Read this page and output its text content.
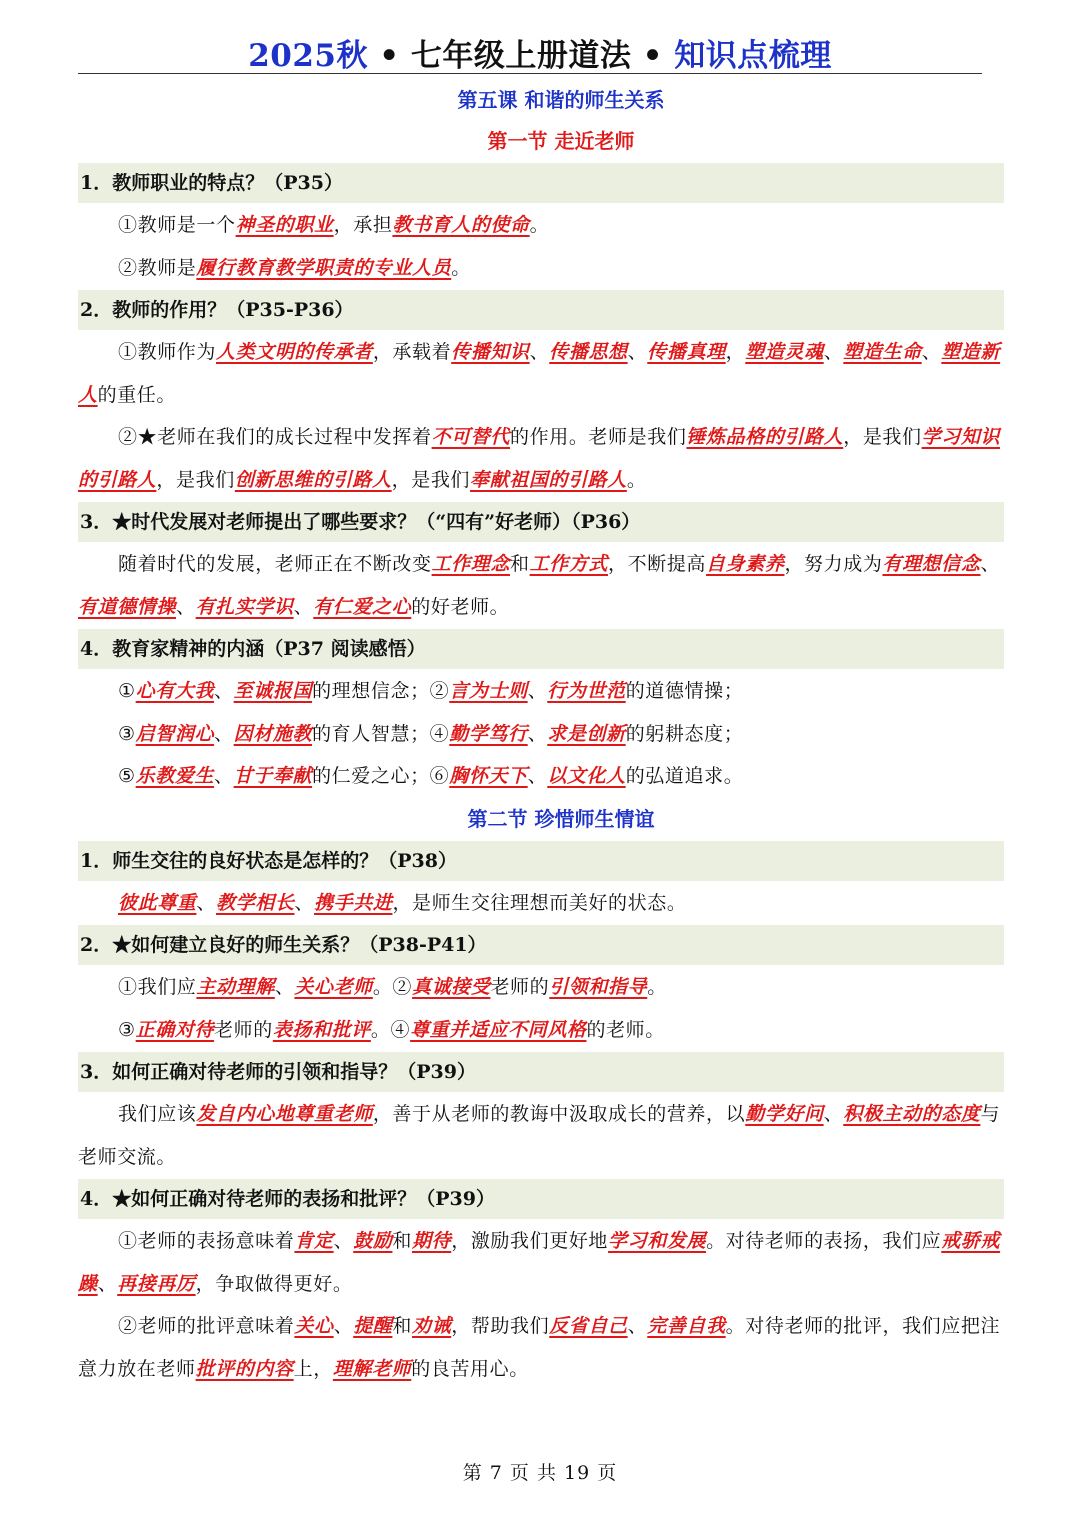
2025秋 • 七年级上册道法 • 知识点梳理
第五课 和谐的师生关系
第一节 走近老师
1．教师职业的特点？（P35）

①教师是一个神圣的职业，承担教书育人的使命。

②教师是履行教育教学职责的专业人员。

2．教师的作用？（P35-P36）

①教师作为人类文明的传承者，承载着传播知识、传播思想、传播真理，塑造灵魂、塑造生命、塑造新人的重任。

②★老师在我们的成长过程中发挥着不可替代的作用。老师是我们锤炼品格的引路人，是我们学习知识的引路人，是我们创新思维的引路人，是我们奉献祖国的引路人。

3．★时代发展对老师提出了哪些要求？（“四有”好老师）（P36）

随着时代的发展，老师正在不断改变工作理念和工作方式，不断提高自身素养，努力成为有理想信念、有道德情操、有扎实学识、有仁爱之心的好老师。

4．教育家精神的内涵（P37 阅读感悟）

①心有大我、至诚报国的理想信念；②言为士则、行为世范的道德情操；

③启智润心、因材施教的育人智慧；④勤学笃行、求是创新的躬耕态度；

⑤乐教爱生、甘于奉献的仁爱之心；⑥胸怀天下、以文化人的弘道追求。

第二节 珍惜师生情谊
1．师生交往的良好状态是怎样的？（P38）

彼此尊重、教学相长、携手共进，是师生交往理想而美好的状态。

2．★如何建立良好的师生关系？（P38-P41）

①我们应主动理解、关心老师。②真诚接受老师的引领和指导。

③正确对待老师的表扬和批评。④尊重并适应不同风格的老师。

3．如何正确对待老师的引领和指导？（P39）

我们应该发自内心地尊重老师，善于从老师的教诲中汲取成长的营养，以勤学好问、积极主动的态度与老师交流。

4．★如何正确对待老师的表扬和批评？（P39）

①老师的表扬意味着肯定、鼓励和期待，激励我们更好地学习和发展。对待老师的表扬，我们应戒骄戒躁、再接再厉，争取做得更好。

②老师的批评意味着关心、提醒和劝诫，帮助我们反省自己、完善自我。对待老师的批评，我们应把注意力放在老师批评的内容上，理解老师的良苦用心。

第 7 页 共 19 页
